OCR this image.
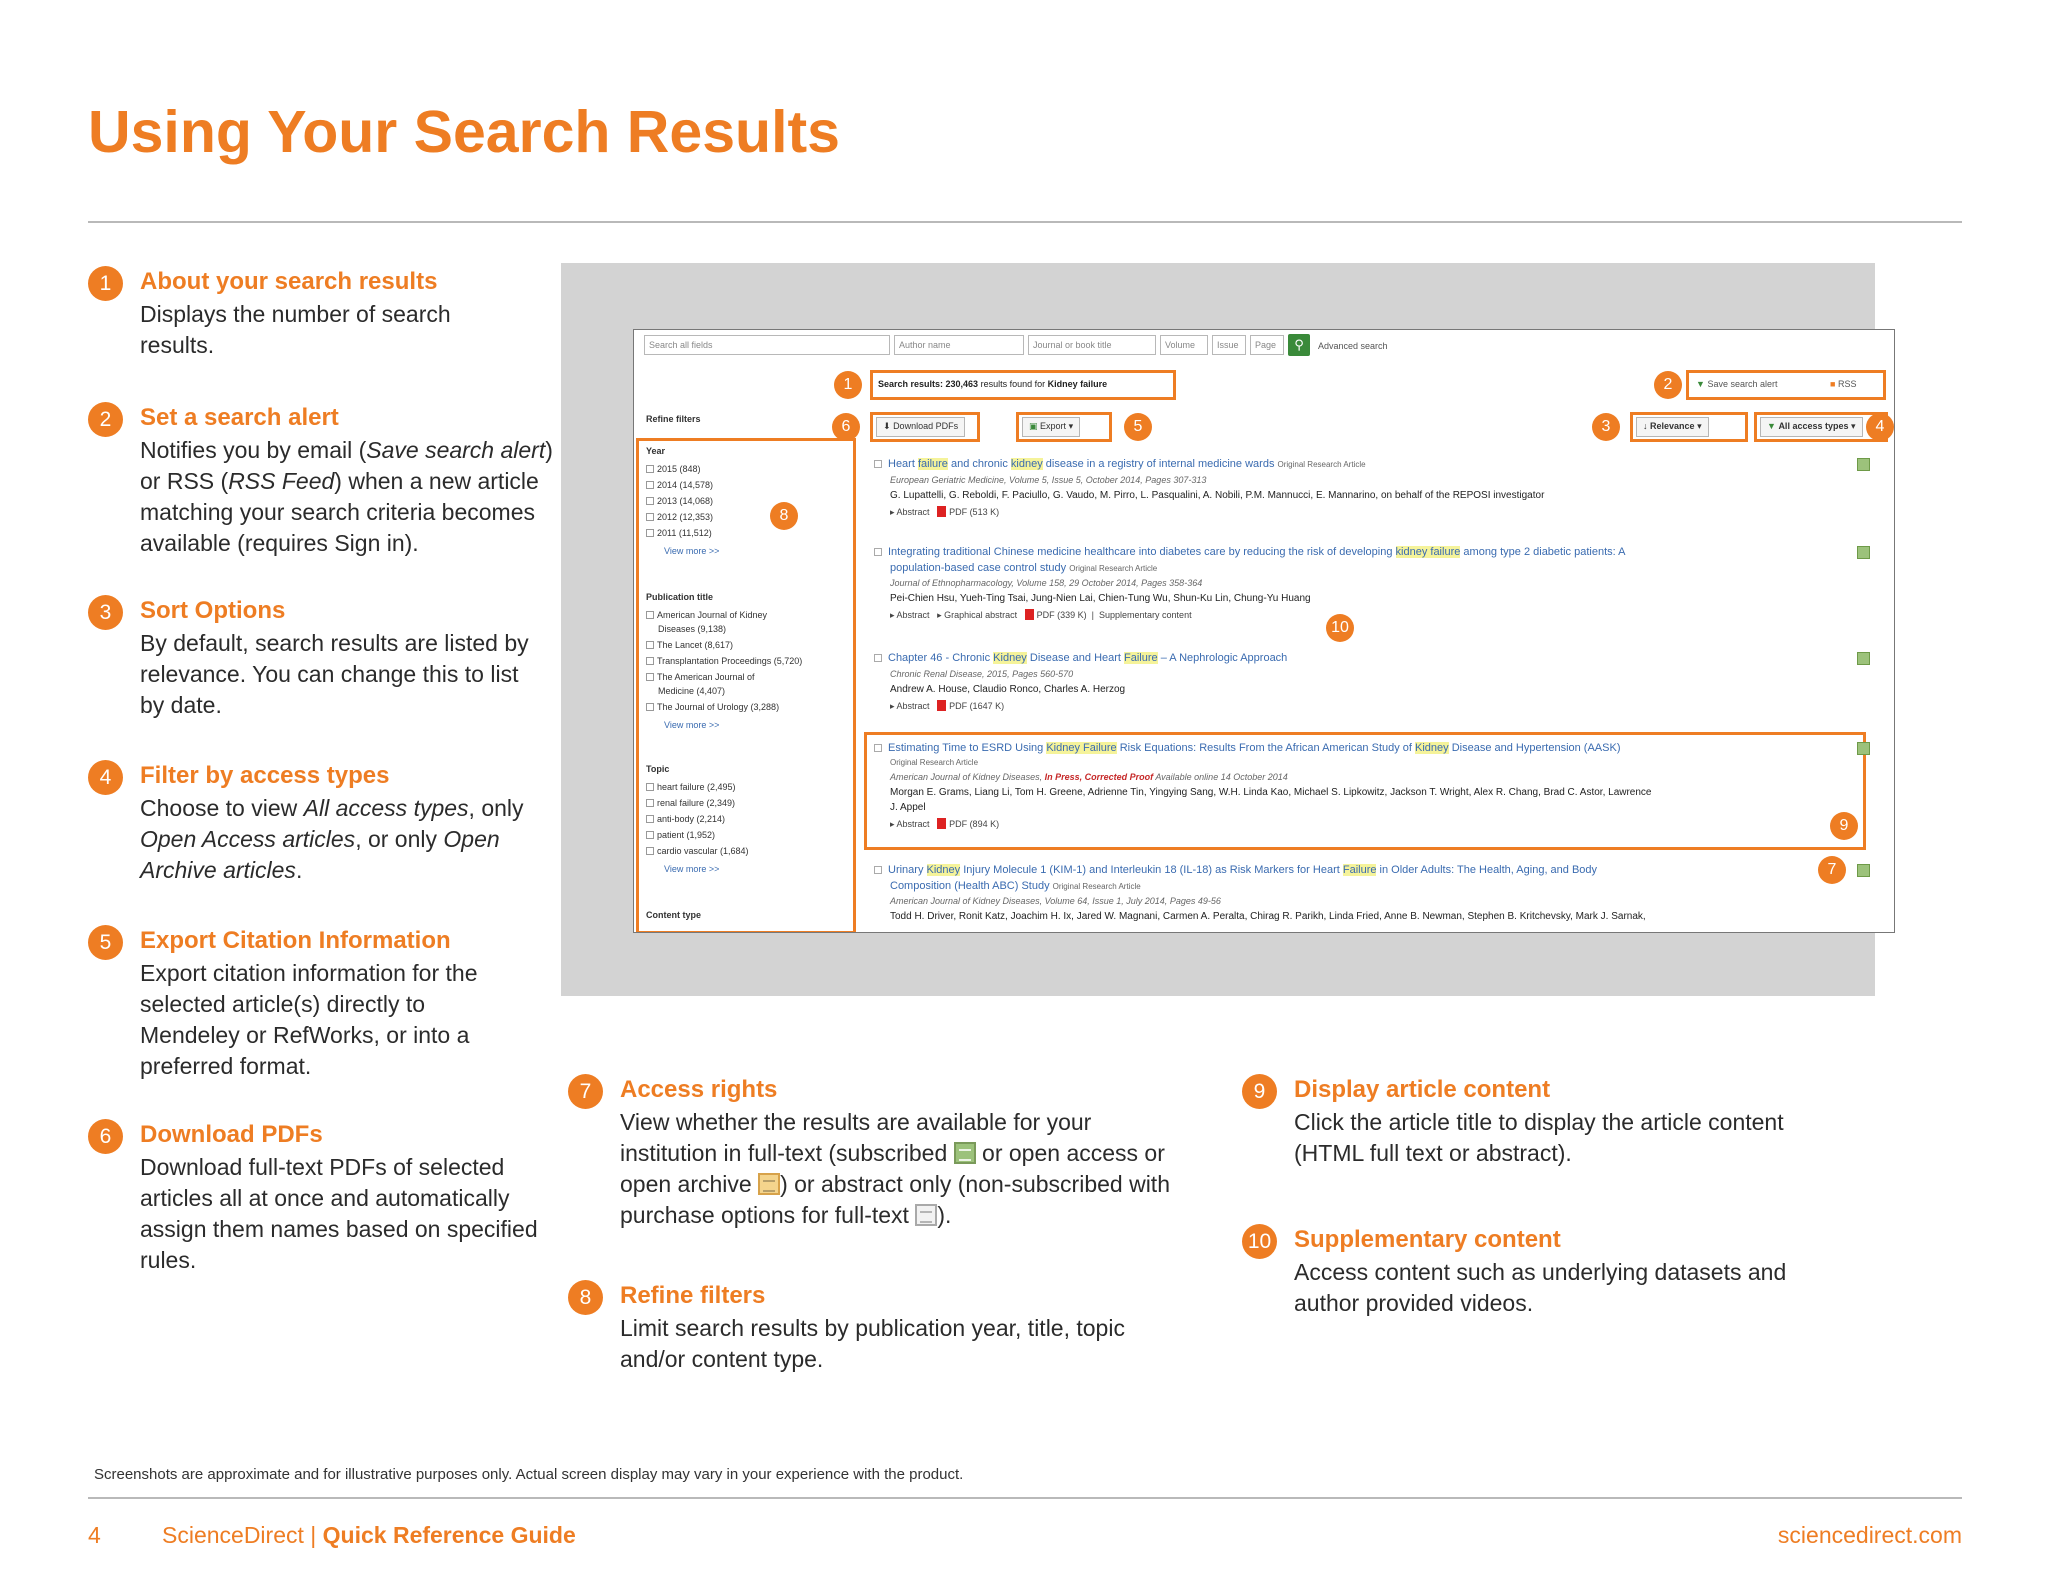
Using Your Search Results
1	About your search results
Displays the number of search results.
2	Set a search alert
Notifies you by email (Save search alert) or RSS (RSS Feed) when a new article matching your search criteria becomes available (requires Sign in).
3	Sort Options
By default, search results are listed by relevance. You can change this to list by date.
4	Filter by access types
Choose to view All access types, only Open Access articles, or only Open Archive articles.
5	Export Citation Information
Export citation information for the selected article(s) directly to Mendeley or RefWorks, or into a preferred format.
6	Download PDFs
Download full-text PDFs of selected articles all at once and automatically assign them names based on specified rules.
Search all fields	Author name	Journal or book title	Volume	Issue	Page	⚲	Advanced search
Search results: 230,463 results found for Kidney failure
1	▼ Save search alert	■ RSS
2
⬇ Download PDFs
6	▣ Export ▾	5	↓ Relevance ▾
3	▼ All access types ▾	4
Refine filters
8
Year
2015 (848)
2014 (14,578)
2013 (14,068)
2012 (12,353)
2011 (11,512)
View more >>
Publication title
American Journal of Kidney
Diseases (9,138)
The Lancet (8,617)
Transplantation Proceedings (5,720)
The American Journal of
Medicine (4,407)
The Journal of Urology (3,288)
View more >>
Topic
heart failure (2,495)
renal failure (2,349)
anti-body (2,214)
patient (1,952)
cardio vascular (1,684)
View more >>
Content type
Heart failure and chronic kidney disease in a registry of internal medicine wards Original Research Article
European Geriatric Medicine, Volume 5, Issue 5, October 2014, Pages 307-313
G. Lupattelli, G. Reboldi, F. Paciullo, G. Vaudo, M. Pirro, L. Pasqualini, A. Nobili, P.M. Mannucci, E. Mannarino, on behalf of the REPOSI investigator
▸ Abstract PDF (513 K)
Integrating traditional Chinese medicine healthcare into diabetes care by reducing the risk of developing kidney failure among type 2 diabetic patients: A
population-based case control study Original Research Article
Journal of Ethnopharmacology, Volume 158, 29 October 2014, Pages 358-364
Pei-Chien Hsu, Yueh-Ting Tsai, Jung-Nien Lai, Chien-Tung Wu, Shun-Ku Lin, Chung-Yu Huang
▸ Abstract ▸ Graphical abstract PDF (339 K)  |  Supplementary content
10
Chapter 46 - Chronic Kidney Disease and Heart Failure – A Nephrologic Approach
Chronic Renal Disease, 2015, Pages 560-570
Andrew A. House, Claudio Ronco, Charles A. Herzog
▸ Abstract PDF (1647 K)
Estimating Time to ESRD Using Kidney Failure Risk Equations: Results From the African American Study of Kidney Disease and Hypertension (AASK)
Original Research Article
American Journal of Kidney Diseases, In Press, Corrected Proof Available online 14 October 2014
Morgan E. Grams, Liang Li, Tom H. Greene, Adrienne Tin, Yingying Sang, W.H. Linda Kao, Michael S. Lipkowitz, Jackson T. Wright, Alex R. Chang, Brad C. Astor, Lawrence
J. Appel
▸ Abstract PDF (894 K)	9
Urinary Kidney Injury Molecule 1 (KIM-1) and Interleukin 18 (IL-18) as Risk Markers for Heart Failure in Older Adults: The Health, Aging, and Body
Composition (Health ABC) Study Original Research Article
American Journal of Kidney Diseases, Volume 64, Issue 1, July 2014, Pages 49-56
Todd H. Driver, Ronit Katz, Joachim H. Ix, Jared W. Magnani, Carmen A. Peralta, Chirag R. Parikh, Linda Fried, Anne B. Newman, Stephen B. Kritchevsky, Mark J. Sarnak,
7
7	Access rights
View whether the results are available for your institution in full-text (subscribed  or open access or open archive ) or abstract only (non-subscribed with purchase options for full-text ).
8	Refine filters
Limit search results by publication year, title, topic and/or content type.
9	Display article content
Click the article title to display the article content (HTML full text or abstract).
10 Supplementary content
Access content such as underlying datasets and author provided videos.
Screenshots are approximate and for illustrative purposes only. Actual screen display may vary in your experience with the product.
4	ScienceDirect | Quick Reference Guide	sciencedirect.com
